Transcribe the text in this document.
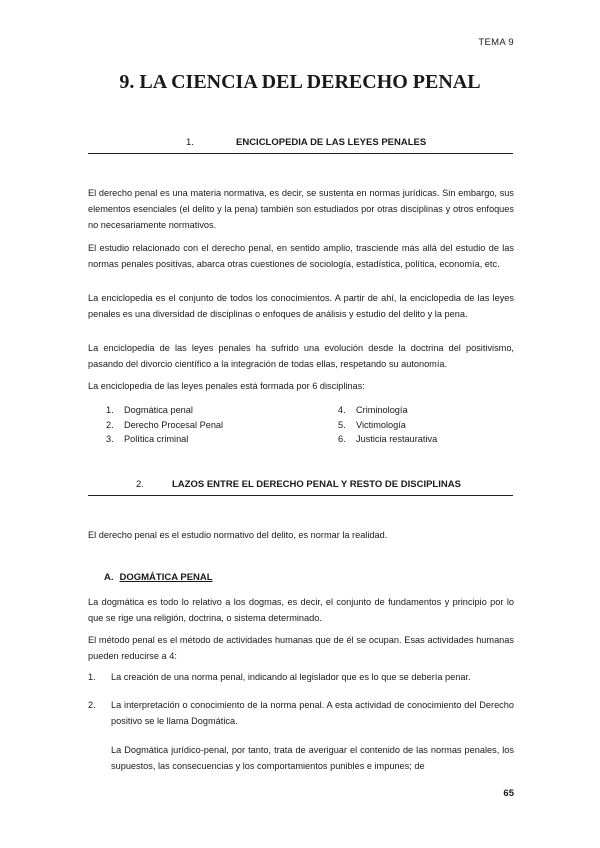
TEMA 9
9. LA CIENCIA DEL DERECHO PENAL
1.	ENCICLOPEDIA DE LAS LEYES PENALES
El derecho penal es una materia normativa, es decir, se sustenta en normas jurídicas. Sin embargo, sus elementos esenciales (el delito y la pena) también son estudiados por otras disciplinas y otros enfoques no necesariamente normativos.
El estudio relacionado con el derecho penal, en sentido amplio, trasciende más allá del estudio de las normas penales positivas, abarca otras cuestiones de sociología, estadística, política, economía, etc.
La enciclopedia es el conjunto de todos los conocimientos. A partir de ahí, la enciclopedia de las leyes penales es una diversidad de disciplinas o enfoques de análisis y estudio del delito y la pena.
La enciclopedia de las leyes penales ha sufrido una evolución desde la doctrina del positivismo, pasando del divorcio científico a la integración de todas ellas, respetando su autonomía.
La enciclopedia de las leyes penales está formada por 6 disciplinas:
1.	Dogmática penal
2.	Derecho Procesal Penal
3.	Política criminal
4.	Criminología
5.	Victimología
6.	Justicia restaurativa
2.	LAZOS ENTRE EL DERECHO PENAL Y RESTO DE DISCIPLINAS
El derecho penal es el estudio normativo del delito, es normar la realidad.
A. DOGMÁTICA PENAL
La dogmática es todo lo relativo a los dogmas, es decir, el conjunto de fundamentos y principio por lo que se rige una religión, doctrina, o sistema determinado.
El método penal es el método de actividades humanas que de él se ocupan. Esas actividades humanas pueden reducirse a 4:
1.	La creación de una norma penal, indicando al legislador que es lo que se debería penar.
2.	La interpretación o conocimiento de la norma penal. A esta actividad de conocimiento del Derecho positivo se le llama Dogmática.
La Dogmática jurídico-penal, por tanto, trata de averiguar el contenido de las normas penales, los supuestos, las consecuencias y los comportamientos punibles e impunes; de
65
